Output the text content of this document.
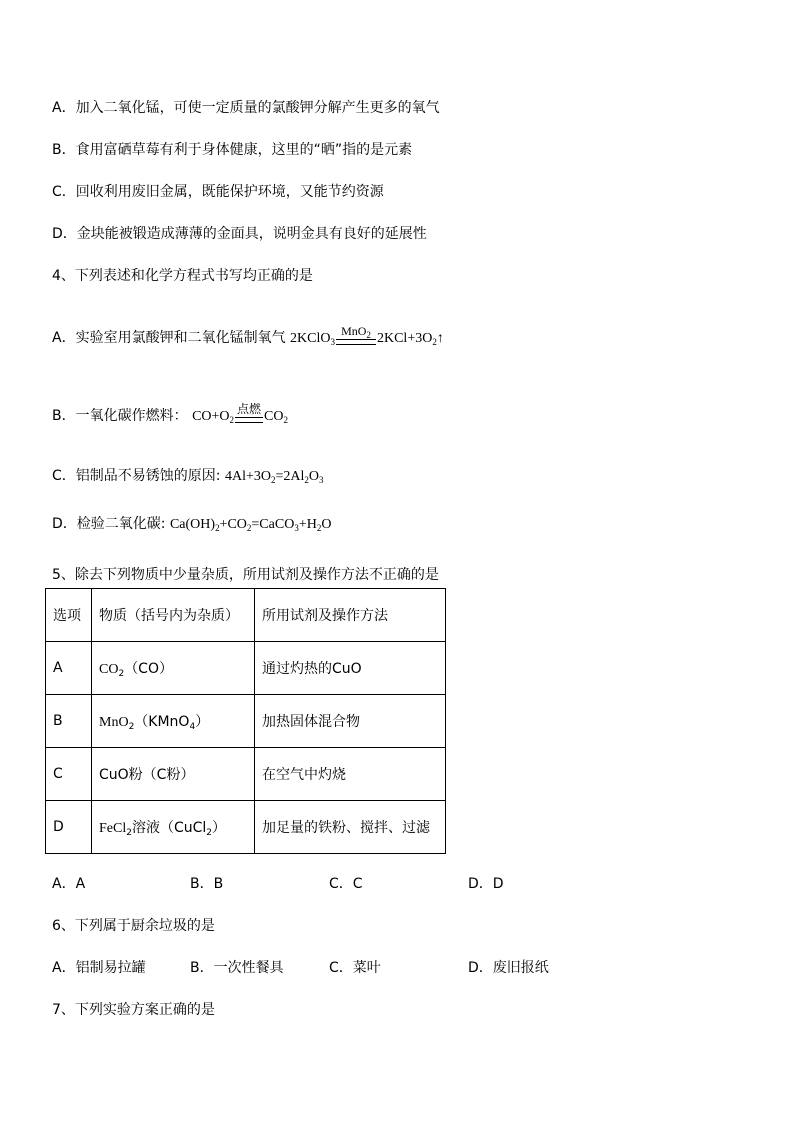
A．加入二氧化锰，可使一定质量的氯酸钾分解产生更多的氧气
B．食用富硒草莓有利于身体健康，这里的“晒”指的是元素
C．回收利用废旧金属，既能保护环境，又能节约资源
D．金块能被锻造成薄薄的金面具，说明金具有良好的延展性
4、下列表述和化学方程式书写均正确的是
A．实验室用氯酸钾和二氧化锰制氧气 2KClO$_3$
MnO$_2$ $2KCl+3O_2↑$
B．一氧化碳作燃料： $CO+O_2$
点燃 $CO_2$
C．铝制品不易锈蚀的原因: $4Al+3O_2=2Al_2O_3$
D．检验二氧化碳: $Ca(OH)_2+CO_2=CaCO_3+H_2O$
5、除去下列物质中少量杂质，所用试剂及操作方法不正确的是
选项	物质（括号内为杂质）	所用试剂及操作方法
A	$CO_2(CO)$	通过灼热的CuO
B	MnO$_2$（KMnO$_4$）	加热固体混合物
C	CuO粉（C粉）	在空气中灼烧
D	FeCl$_2$溶液（CuCl$_2$）	加足量的铁粉、搅拌、过滤
A．A	B．B	C．C	D．D
6、下列属于厨余垃圾的是
A．铝制易拉罐	B．一次性餐具	C．菜叶	D．废旧报纸
7、下列实验方案正确的是
